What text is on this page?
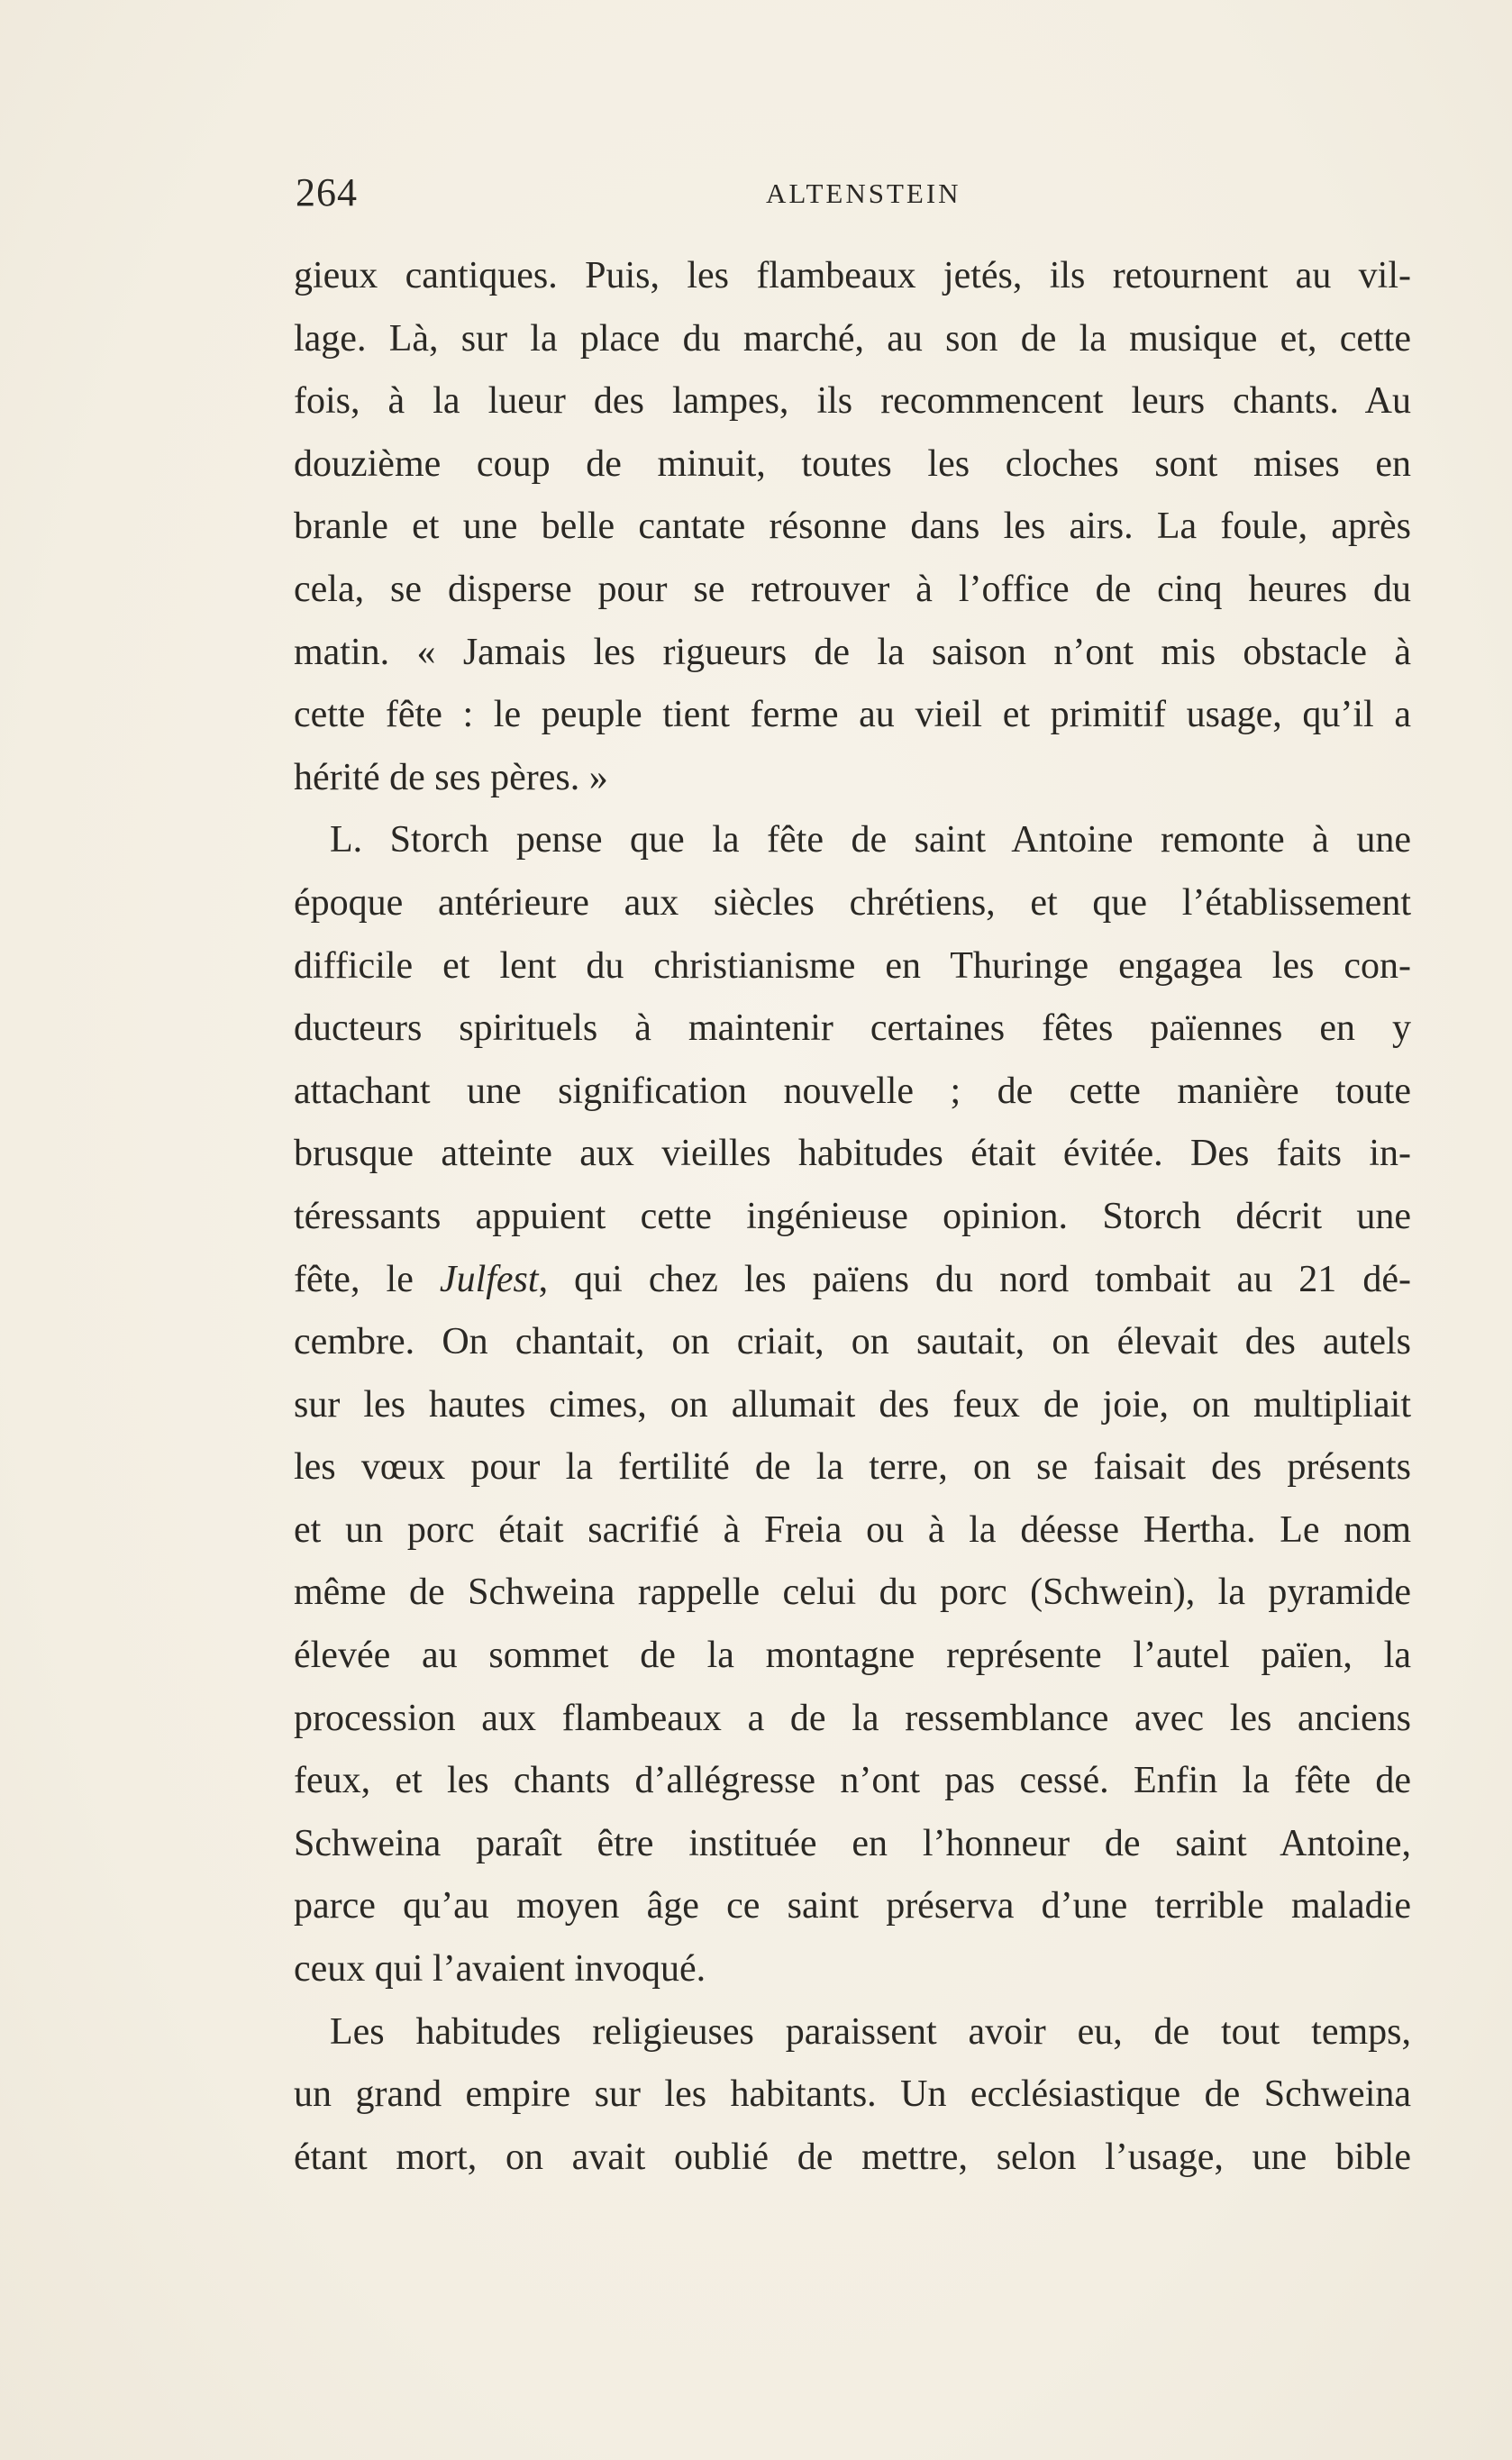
264	ALTENSTEIN
gieux cantiques. Puis, les flambeaux jetés, ils retournent au vil-
lage. Là, sur la place du marché, au son de la musique et, cette
fois, à la lueur des lampes, ils recommencent leurs chants. Au
douzième coup de minuit, toutes les cloches sont mises en
branle et une belle cantate résonne dans les airs. La foule, après
cela, se disperse pour se retrouver à l’office de cinq heures du
matin. « Jamais les rigueurs de la saison n’ont mis obstacle à
cette fête : le peuple tient ferme au vieil et primitif usage, qu’il a
hérité de ses pères. »
L. Storch pense que la fête de saint Antoine remonte à une
époque antérieure aux siècles chrétiens, et que l’établissement
difficile et lent du christianisme en Thuringe engagea les con-
ducteurs spirituels à maintenir certaines fêtes païennes en y
attachant une signification nouvelle ; de cette manière toute
brusque atteinte aux vieilles habitudes était évitée. Des faits in-
téressants appuient cette ingénieuse opinion. Storch décrit une
fête, le Julfest, qui chez les païens du nord tombait au 21 dé-
cembre. On chantait, on criait, on sautait, on élevait des autels
sur les hautes cimes, on allumait des feux de joie, on multipliait
les vœux pour la fertilité de la terre, on se faisait des présents
et un porc était sacrifié à Freia ou à la déesse Hertha. Le nom
même de Schweina rappelle celui du porc (Schwein), la pyramide
élevée au sommet de la montagne représente l’autel païen, la
procession aux flambeaux a de la ressemblance avec les anciens
feux, et les chants d’allégresse n’ont pas cessé. Enfin la fête de
Schweina paraît être instituée en l’honneur de saint Antoine,
parce qu’au moyen âge ce saint préserva d’une terrible maladie
ceux qui l’avaient invoqué.
Les habitudes religieuses paraissent avoir eu, de tout temps,
un grand empire sur les habitants. Un ecclésiastique de Schweina
étant mort, on avait oublié de mettre, selon l’usage, une bible
